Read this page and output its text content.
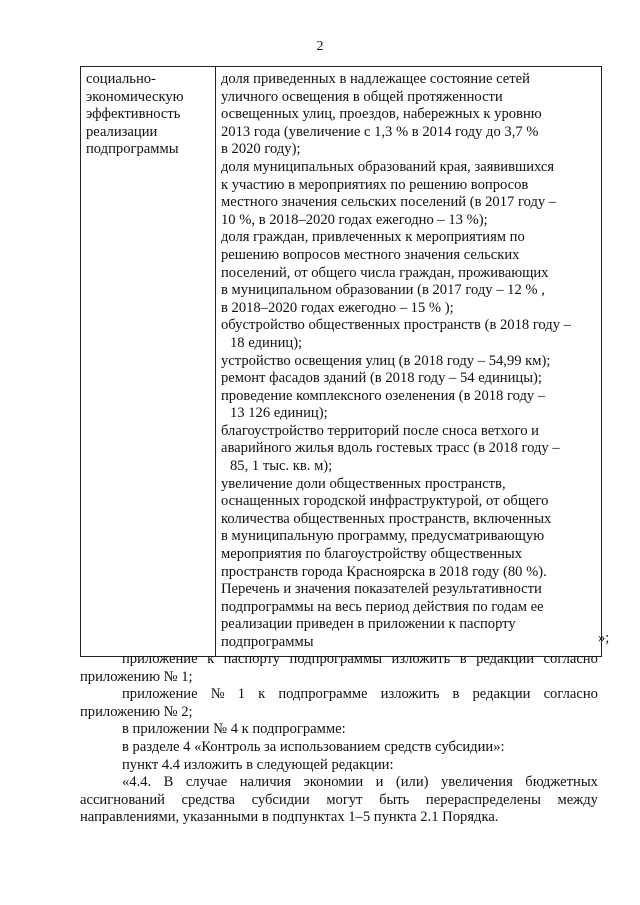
2
социально-
экономическую
эффективность
реализации
подпрограммы

доля приведенных в надлежащее состояние сетей
уличного освещения в общей протяженности
освещенных улиц, проездов, набережных к уровню
2013 года (увеличение с 1,3 % в 2014 году до 3,7 %
в 2020 году);
доля муниципальных образований края, заявившихся
к участию в мероприятиях по решению вопросов
местного значения сельских поселений (в 2017 году –
10 %, в 2018–2020 годах ежегодно – 13 %);
доля граждан, привлеченных к мероприятиям по
решению вопросов местного значения сельских
поселений, от общего числа граждан, проживающих
в муниципальном образовании (в 2017 году – 12 % ,
в 2018–2020 годах ежегодно – 15 % );
обустройство общественных пространств (в 2018 году –
18 единиц);
устройство освещения улиц (в 2018 году – 54,99 км);
ремонт фасадов зданий (в 2018 году – 54 единицы);
проведение комплексного озеленения (в 2018 году –
13 126 единиц);
благоустройство территорий после сноса ветхого и
аварийного жилья вдоль гостевых трасс (в 2018 году –
85, 1 тыс. кв. м);
увеличение доли общественных пространств,
оснащенных городской инфраструктурой, от общего
количества общественных пространств, включенных
в муниципальную программу, предусматривающую
мероприятия по благоустройству общественных
пространств города Красноярска в 2018 году (80 %).
Перечень и значения показателей результативности
подпрограммы на весь период действия по годам ее
реализации приведен в приложении к паспорту
подпрограммы	»;
приложение к паспорту подпрограммы изложить в редакции согласно
приложению № 1;
приложение № 1 к подпрограмме изложить в редакции согласно
приложению № 2;
в приложении № 4 к подпрограмме:
в разделе 4 «Контроль за использованием средств субсидии»:
пункт 4.4 изложить в следующей редакции:
«4.4. В случае наличия экономии и (или) увеличения бюджетных
ассигнований средства субсидии могут быть перераспределены между
направлениями, указанными в подпунктах 1–5 пункта 2.1 Порядка.
